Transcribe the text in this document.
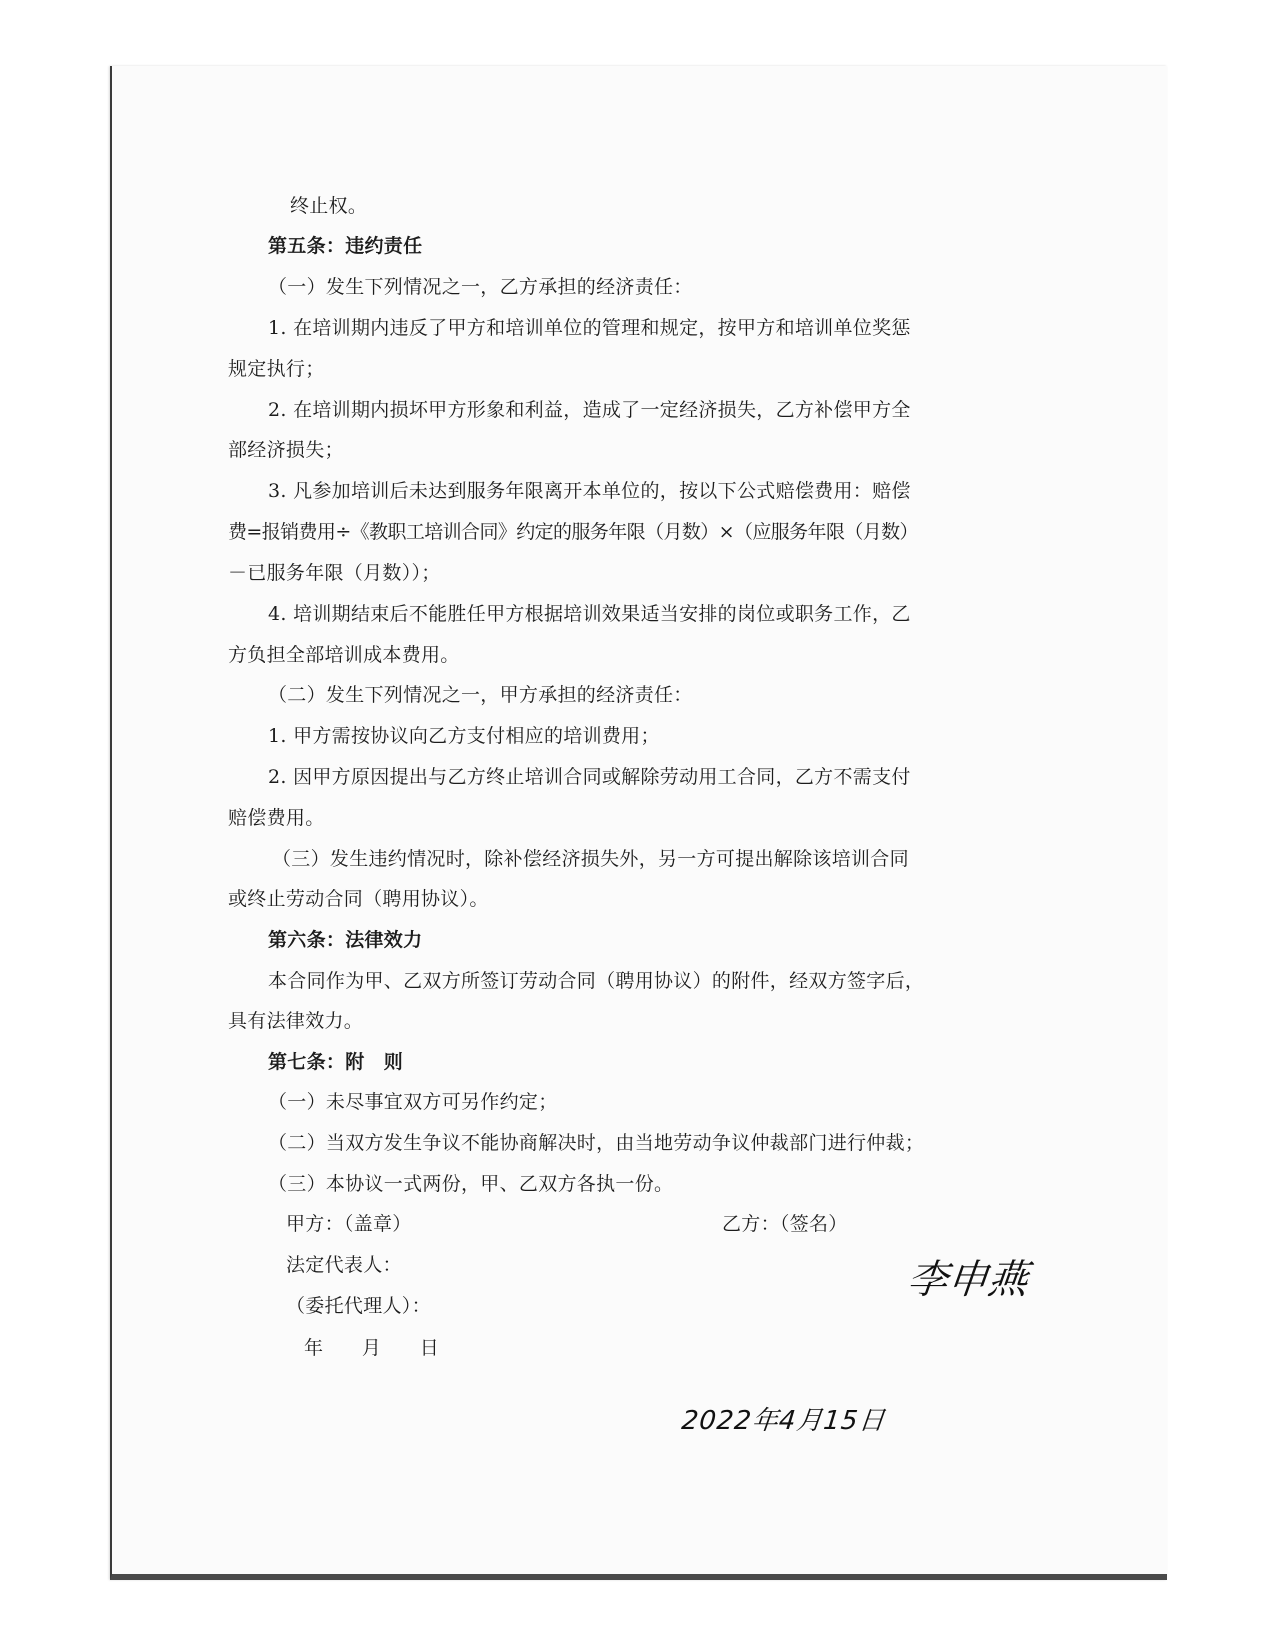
终止权。
第五条：违约责任
（一）发生下列情况之一，乙方承担的经济责任：
1. 在培训期内违反了甲方和培训单位的管理和规定，按甲方和培训单位奖惩
规定执行；
2. 在培训期内损坏甲方形象和利益，造成了一定经济损失，乙方补偿甲方全
部经济损失；
3. 凡参加培训后未达到服务年限离开本单位的，按以下公式赔偿费用：赔偿
费=报销费用÷《教职工培训合同》约定的服务年限（月数）×（应服务年限（月数）
－已服务年限（月数））；
4. 培训期结束后不能胜任甲方根据培训效果适当安排的岗位或职务工作，乙
方负担全部培训成本费用。
（二）发生下列情况之一，甲方承担的经济责任：
1. 甲方需按协议向乙方支付相应的培训费用；
2. 因甲方原因提出与乙方终止培训合同或解除劳动用工合同，乙方不需支付
赔偿费用。
（三）发生违约情况时，除补偿经济损失外，另一方可提出解除该培训合同
或终止劳动合同（聘用协议）。
第六条：法律效力
本合同作为甲、乙双方所签订劳动合同（聘用协议）的附件，经双方签字后，
具有法律效力。
第七条：附　则
（一）未尽事宜双方可另作约定；
（二）当双方发生争议不能协商解决时，由当地劳动争议仲裁部门进行仲裁；
（三）本协议一式两份，甲、乙双方各执一份。
甲方：（盖章）	乙方：（签名）
李申燕
法定代表人：
（委托代理人）：
年　　月　　日
2022年4月15日
